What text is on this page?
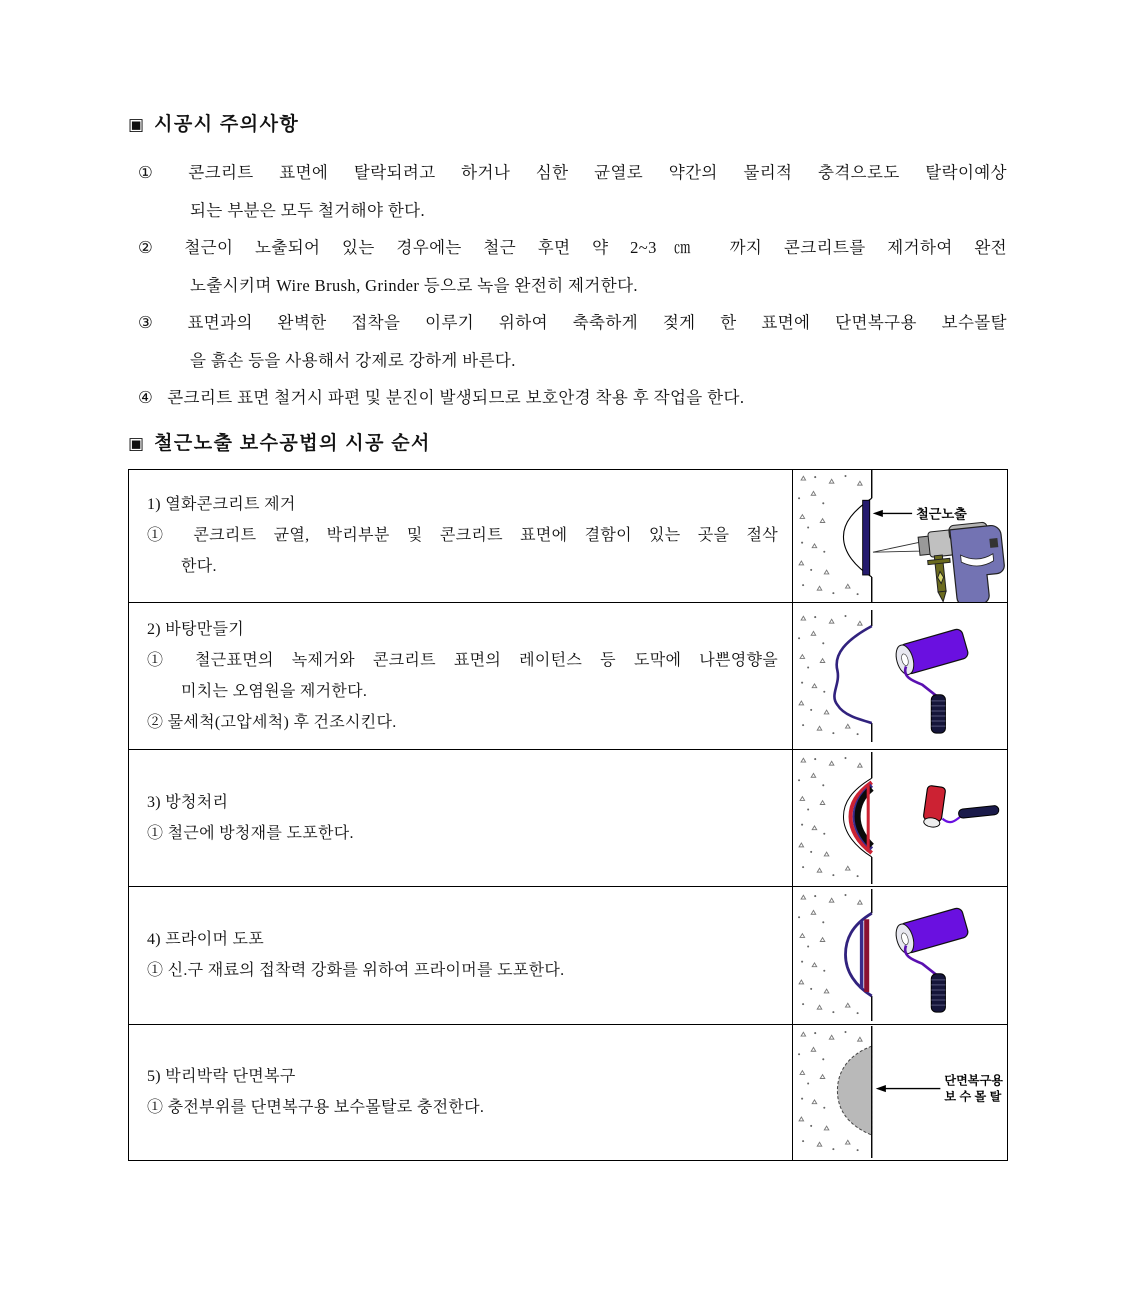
▣ 시공시 주의사항
① 콘크리트 표면에 탈락되려고 하거나 심한 균열로 약간의 물리적 충격으로도 탈락이예상
되는 부분은 모두 철거해야 한다.
② 철근이 노출되어 있는 경우에는 철근 후면 약 2~3㎝ 까지 콘크리트를 제거하여 완전
노출시키며 Wire Brush, Grinder 등으로 녹을 완전히 제거한다.
③ 표면과의 완벽한 접착을 이루기 위하여 축축하게 젖게 한 표면에 단면복구용 보수몰탈
을 흙손 등을 사용해서 강제로 강하게 바른다.
④ 콘크리트 표면 철거시 파편 및 분진이 발생되므로 보호안경 착용 후 작업을 한다.
▣ 철근노출 보수공법의 시공 순서
1) 열화콘크리트 제거
① 콘크리트 균열, 박리부분 및 콘크리트 표면에 결함이 있는 곳을 절삭
한다.	철근노출

2) 바탕만들기
① 철근표면의 녹제거와 콘크리트 표면의 레이턴스 등 도막에 나쁜영향을
미치는 오염원을 제거한다.
② 물세척(고압세척) 후 건조시킨다.

3) 방청처리
① 철근에 방청재를 도포한다.

4) 프라이머 도포
① 신.구 재료의 접착력 강화를 위하여 프라이머를 도포한다.

5) 박리박락 단면복구
① 충전부위를 단면복구용 보수몰탈로 충전한다.

단면복구용
보 수 몰 탈
